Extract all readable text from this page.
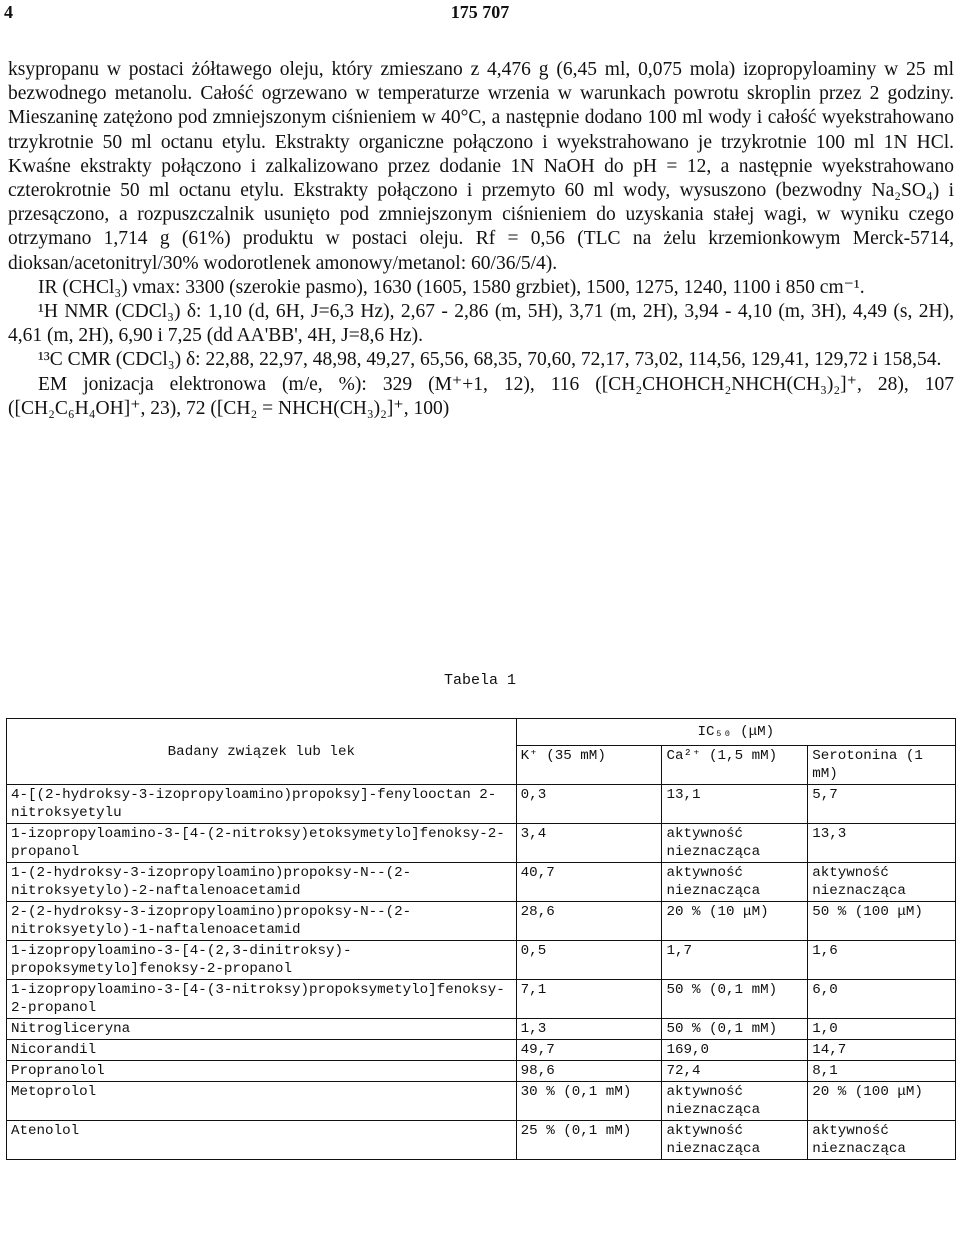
4	175 707

ksypropanu w postaci żółtawego oleju, który zmieszano z 4,476 g (6,45 ml, 0,075 mola) izopropyloaminy w 25 ml bezwodnego metanolu. Całość ogrzewano w temperaturze wrzenia w warunkach powrotu skroplin przez 2 godziny. Mieszaninę zatężono pod zmniejszonym ciśnieniem w 40°C, a następnie dodano 100 ml wody i całość wyekstrahowano trzykrotnie 50 ml octanu etylu. Ekstrakty organiczne połączono i wyekstrahowano je trzykrotnie 100 ml 1N HCl. Kwaśne ekstrakty połączono i zalkalizowano przez dodanie 1N NaOH do pH = 12, a następnie wyekstrahowano czterokrotnie 50 ml octanu etylu. Ekstrakty połączono i przemyto 60 ml wody, wysuszono (bezwodny Na₂SO₄) i przesączono, a rozpuszczalnik usunięto pod zmniejszonym ciśnieniem do uzyskania stałej wagi, w wyniku czego otrzymano 1,714 g (61%) produktu w postaci oleju. Rf = 0,56 (TLC na żelu krzemionkowym Merck-5714, dioksan/acetonitryl/30% wodorotlenek amonowy/metanol: 60/36/5/4).

IR (CHCl₃) νmax: 3300 (szerokie pasmo), 1630 (1605, 1580 grzbiet), 1500, 1275, 1240, 1100 i 850 cm⁻¹.

¹H NMR (CDCl₃) δ: 1,10 (d, 6H, J=6,3 Hz), 2,67 - 2,86 (m, 5H), 3,71 (m, 2H), 3,94 - 4,10 (m, 3H), 4,49 (s, 2H), 4,61 (m, 2H), 6,90 i 7,25 (dd AA'BB', 4H, J=8,6 Hz).

¹³C CMR (CDCl₃) δ: 22,88, 22,97, 48,98, 49,27, 65,56, 68,35, 70,60, 72,17, 73,02, 114,56, 129,41, 129,72 i 158,54.

EM jonizacja elektronowa (m/e, %): 329 (M⁺+1, 12), 116 ([CH₂CHOHCH₂NHCH(CH₃)₂]⁺, 28), 107 ([CH₂C₆H₄OH]⁺, 23), 72 ([CH₂ = NHCH(CH₃)₂]⁺, 100)

Tabela 1
Badany związek lub lek	IC₅₀ (μM)		
	K⁺ (35 mM)	Ca²⁺ (1,5 mM)	Serotonina (1 mM)
4-[(2-hydroksy-3-izopropyloamino)propoksy]-fenylooctan 2-nitroksyetylu	0,3	13,1	5,7
1-izopropyloamino-3-[4-(2-nitroksy)etoksymetylo]fenoksy-2-propanol	3,4	aktywność nieznacząca	13,3
1-(2-hydroksy-3-izopropyloamino)propoksy-N--(2-nitroksyetylo)-2-naftalenoacetamid	40,7	aktywność nieznacząca	aktywność nieznacząca
2-(2-hydroksy-3-izopropyloamino)propoksy-N--(2-nitroksyetylo)-1-naftalenoacetamid	28,6	20 % (10 μM)	50 % (100 μM)
1-izopropyloamino-3-[4-(2,3-dinitroksy)-propoksymetylo]fenoksy-2-propanol	0,5	1,7	1,6
1-izopropyloamino-3-[4-(3-nitroksy)propoksymetylo]fenoksy-2-propanol	7,1	50 % (0,1 mM)	6,0
Nitrogliceryna	1,3	50 % (0,1 mM)	1,0
Nicorandil	49,7	169,0	14,7
Propranolol	98,6	72,4	8,1
Metoprolol	30 % (0,1 mM)	aktywność nieznacząca	20 % (100 μM)
Atenolol	25 % (0,1 mM)	aktywność nieznacząca	aktywność nieznacząca
